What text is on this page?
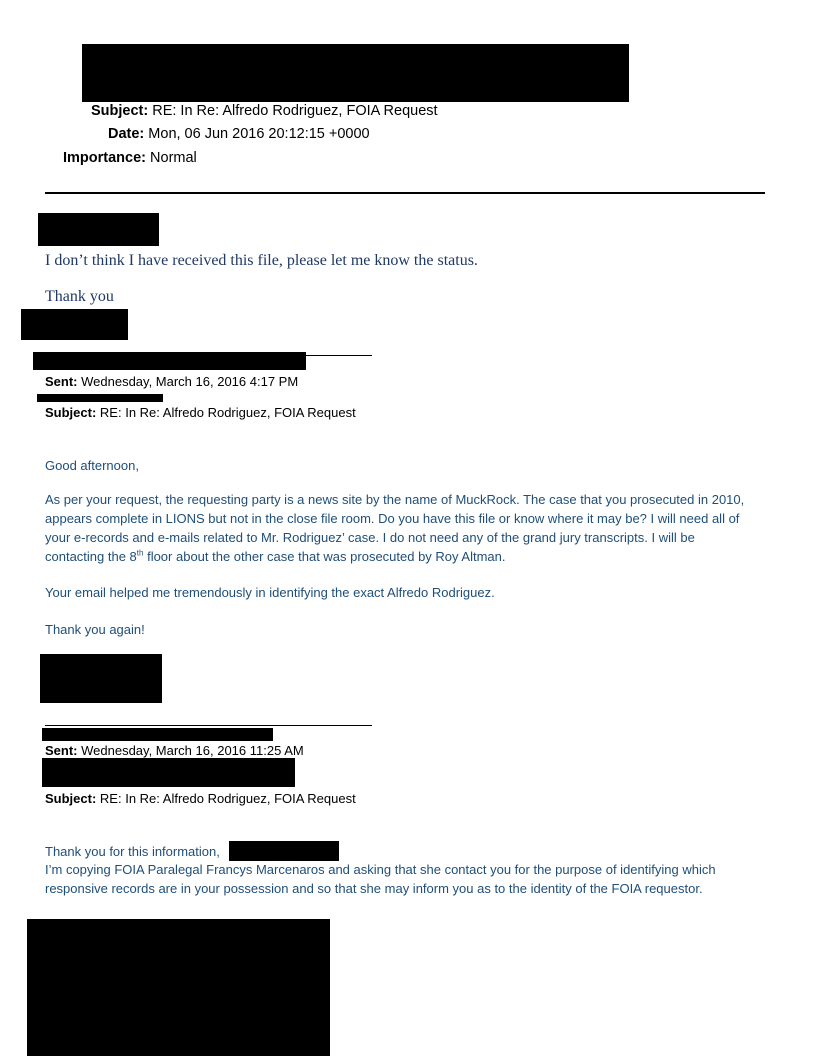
Subject: RE: In Re: Alfredo Rodriguez, FOIA Request
Date: Mon, 06 Jun 2016 20:12:15 +0000
Importance: Normal
I don’t think I have received this file, please let me know the status.
Thank you
Sent: Wednesday, March 16, 2016 4:17 PM
Subject: RE: In Re: Alfredo Rodriguez, FOIA Request
Good afternoon,
As per your request, the requesting party is a news site by the name of MuckRock. The case that you prosecuted in 2010,
appears complete in LIONS but not in the close file room. Do you have this file or know where it may be? I will need all of
your e-records and e-mails related to Mr. Rodriguez’ case. I do not need any of the grand jury transcripts. I will be
contacting the 8th floor about the other case that was prosecuted by Roy Altman.
Your email helped me tremendously in identifying the exact Alfredo Rodriguez.
Thank you again!
Sent: Wednesday, March 16, 2016 11:25 AM
Subject: RE: In Re: Alfredo Rodriguez, FOIA Request
Thank you for this information,
I’m copying FOIA Paralegal Francys Marcenaros and asking that she contact you for the purpose of identifying which
responsive records are in your possession and so that she may inform you as to the identity of the FOIA requestor.
